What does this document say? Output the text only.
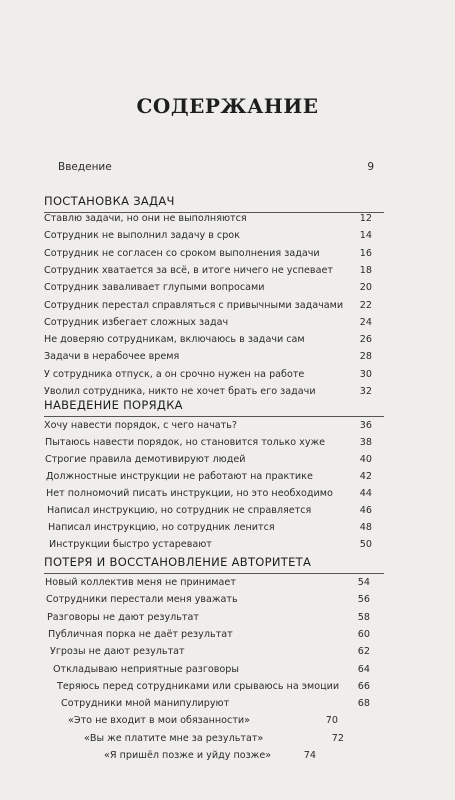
СОДЕРЖАНИЕ
Введение	9
ПОСТАНОВКА ЗАДАЧ
Ставлю задачи, но они не выполняются	12
Сотрудник не выполнил задачу в срок	14
Сотрудник не согласен со сроком выполнения задачи	16
Сотрудник хватается за всё, в итоге ничего не успевает	18
Сотрудник заваливает глупыми вопросами	20
Сотрудник перестал справляться с привычными задачами 22
Сотрудник избегает сложных задач	24
Не доверяю сотрудникам, включаюсь в задачи сам	26
Задачи в нерабочее время	28
У сотрудника отпуск, а он срочно нужен на работе	30
Уволил сотрудника, никто не хочет брать его задачи	32
НАВЕДЕНИЕ ПОРЯДКА
Хочу навести порядок, с чего начать?	36
Пытаюсь навести порядок, но становится только хуже	38
Строгие правила демотивируют людей	40
Должностные инструкции не работают на практике	42
Нет полномочий писать инструкции, но это необходимо	44
Написал инструкцию, но сотрудник не справляется	46
Написал инструкцию, но сотрудник ленится	48
Инструкции быстро устаревают	50
ПОТЕРЯ И ВОССТАНОВЛЕНИЕ АВТОРИТЕТА
Новый коллектив меня не принимает	54
Сотрудники перестали меня уважать	56
Разговоры не дают результат	58
Публичная порка не даёт результат	60
Угрозы не дают результат	62
Откладываю неприятные разговоры	64
Теряюсь перед сотрудниками или срываюсь на эмоции 66
Сотрудники мной манипулируют	68
«Это не входит в мои обязанности»	70
«Вы же платите мне за результат»	72
«Я пришёл позже и уйду позже»	74
